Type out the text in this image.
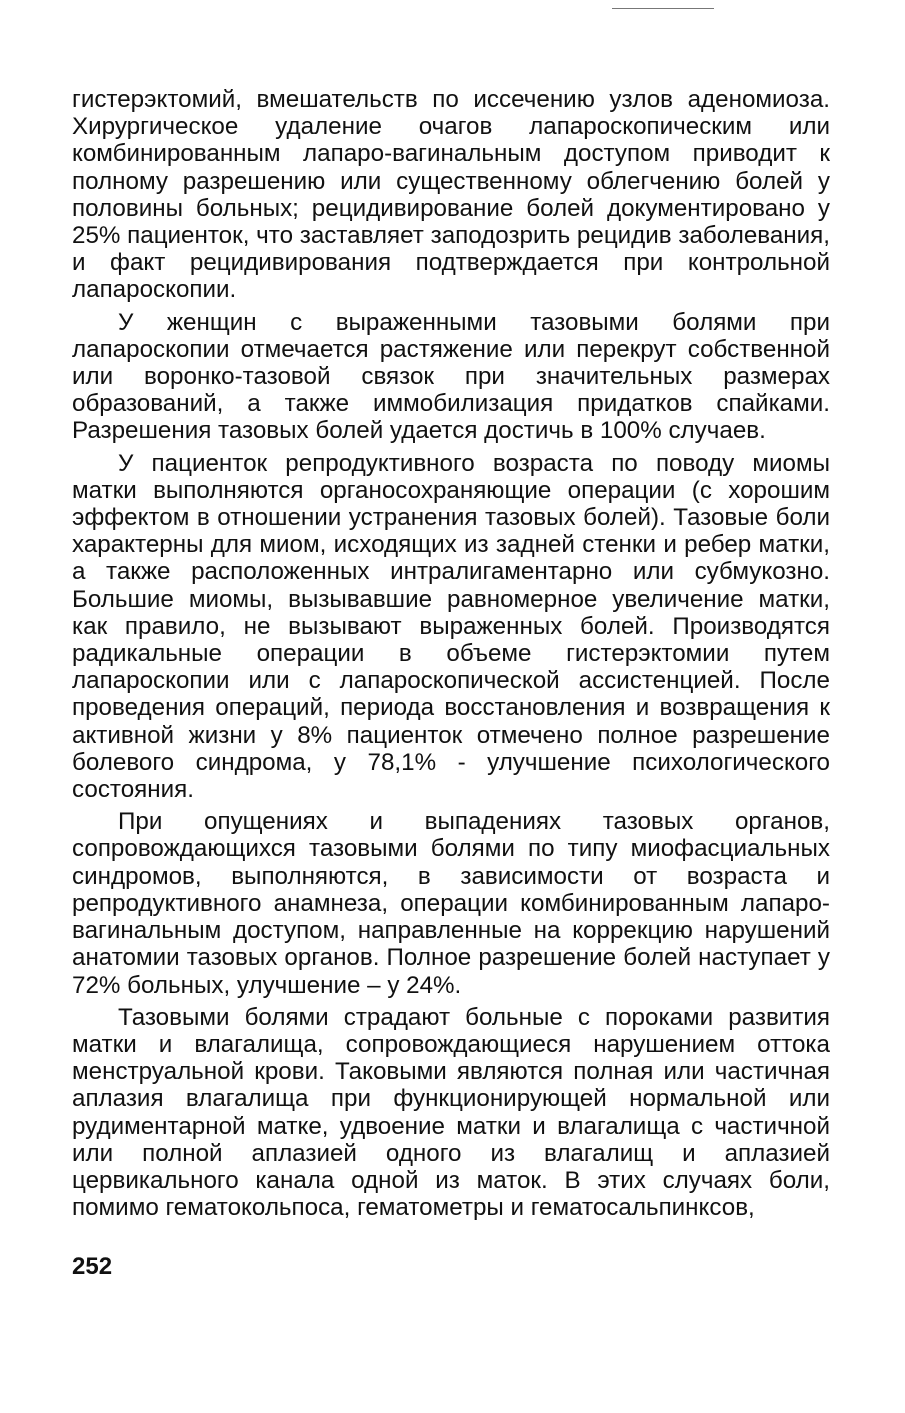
гистерэктомий, вмешательств по иссечению узлов аденомиоза. Хирургическое удаление очагов лапароскопическим или комбинированным лапаро-вагинальным доступом приводит к полному разрешению или существенному облегчению болей у половины больных; рецидивирование болей документировано у 25% пациенток, что заставляет заподозрить рецидив заболевания, и факт рецидивирования подтверждается при контрольной лапароскопии.

У женщин с выраженными тазовыми болями при лапароскопии отмечается растяжение или перекрут собственной или воронко-тазовой связок при значительных размерах образований, а также иммобилизация придатков спайками. Разрешения тазовых болей удается достичь в 100% случаев.

У пациенток репродуктивного возраста по поводу миомы матки выполняются органосохраняющие операции (с хорошим эффектом в отношении устранения тазовых болей). Тазовые боли характерны для миом, исходящих из задней стенки и ребер матки, а также расположенных интралигаментарно или субмукозно. Большие миомы, вызывавшие равномерное увеличение матки, как правило, не вызывают выраженных болей. Производятся радикальные операции в объеме гистерэктомии путем лапароскопии или с лапароскопической ассистенцией. После проведения операций, периода восстановления и возвращения к активной жизни у 8% пациенток отмечено полное разрешение болевого синдрома, у 78,1% - улучшение психологического состояния.

При опущениях и выпадениях тазовых органов, сопровождающихся тазовыми болями по типу миофасциальных синдромов, выполняются, в зависимости от возраста и репродуктивного анамнеза, операции комбинированным лапаро-вагинальным доступом, направленные на коррекцию нарушений анатомии тазовых органов. Полное разрешение болей наступает у 72% больных, улучшение – у 24%.

Тазовыми болями страдают больные с пороками развития матки и влагалища, сопровождающиеся нарушением оттока менструальной крови. Таковыми являются полная или частичная аплазия влагалища при функционирующей нормальной или рудиментарной матке, удвоение матки и влагалища с частичной или полной аплазией одного из влагалищ и аплазией цервикального канала одной из маток. В этих случаях боли, помимо гематокольпоса, гематометры и гематосальпинксов,

252
